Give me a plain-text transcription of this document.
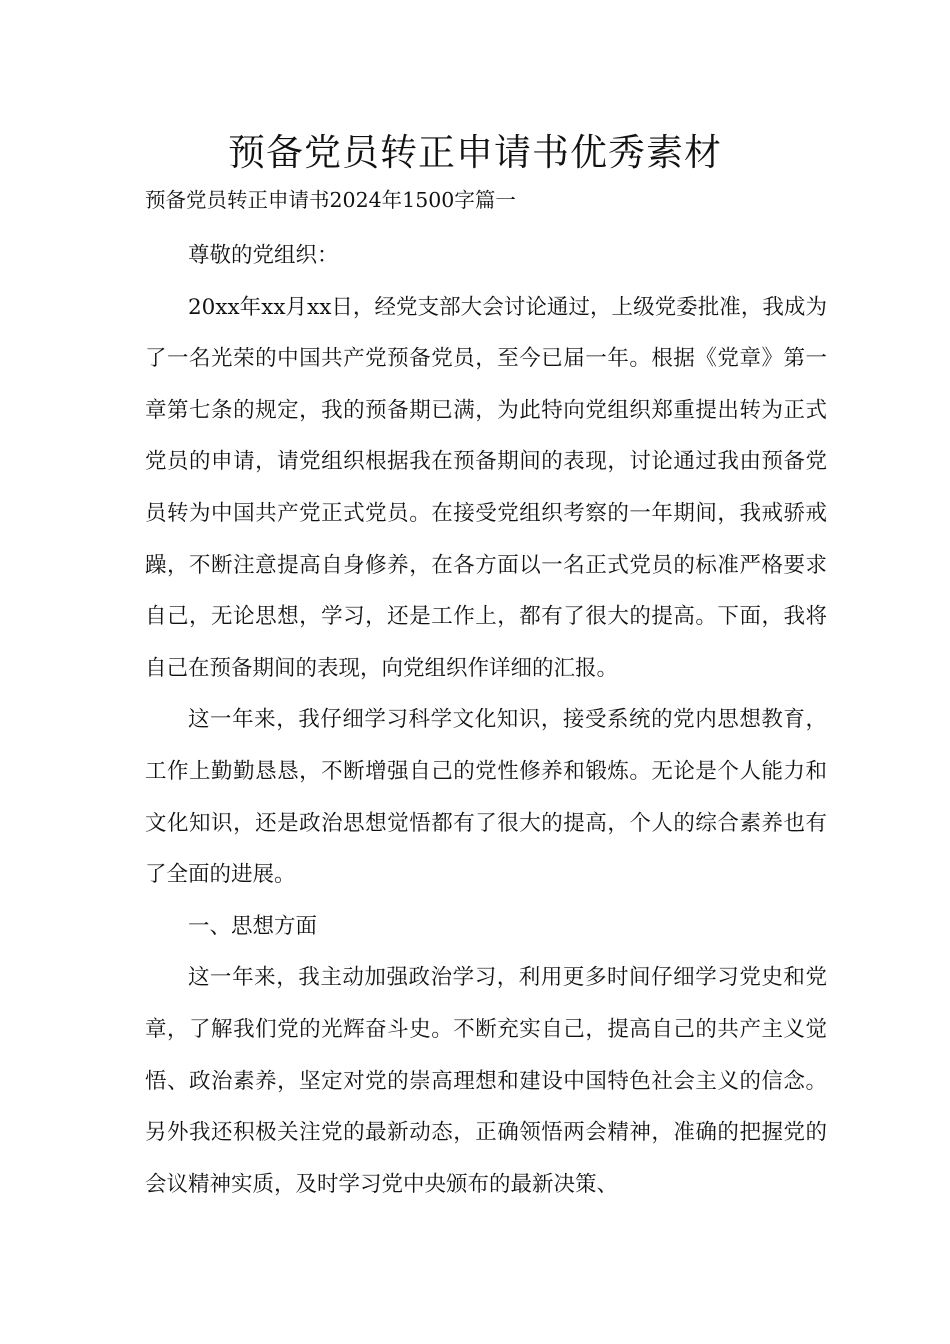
预备党员转正申请书优秀素材

预备党员转正申请书2024年1500字篇一

尊敬的党组织：

20xx年xx月xx日，经党支部大会讨论通过，上级党委批准，我成为了一名光荣的中国共产党预备党员，至今已届一年。根据《党章》第一章第七条的规定，我的预备期已满，为此特向党组织郑重提出转为正式党员的申请，请党组织根据我在预备期间的表现，讨论通过我由预备党员转为中国共产党正式党员。在接受党组织考察的一年期间，我戒骄戒躁，不断注意提高自身修养，在各方面以一名正式党员的标准严格要求自己，无论思想，学习，还是工作上，都有了很大的提高。下面，我将自己在预备期间的表现，向党组织作详细的汇报。

这一年来，我仔细学习科学文化知识，接受系统的党内思想教育，工作上勤勤恳恳，不断增强自己的党性修养和锻炼。无论是个人能力和文化知识，还是政治思想觉悟都有了很大的提高，个人的综合素养也有了全面的进展。

一、思想方面

这一年来，我主动加强政治学习，利用更多时间仔细学习党史和党章，了解我们党的光辉奋斗史。不断充实自己，提高自己的共产主义觉悟、政治素养，坚定对党的崇高理想和建设中国特色社会主义的信念。另外我还积极关注党的最新动态，正确领悟两会精神，准确的把握党的会议精神实质，及时学习党中央颁布的最新决策、
